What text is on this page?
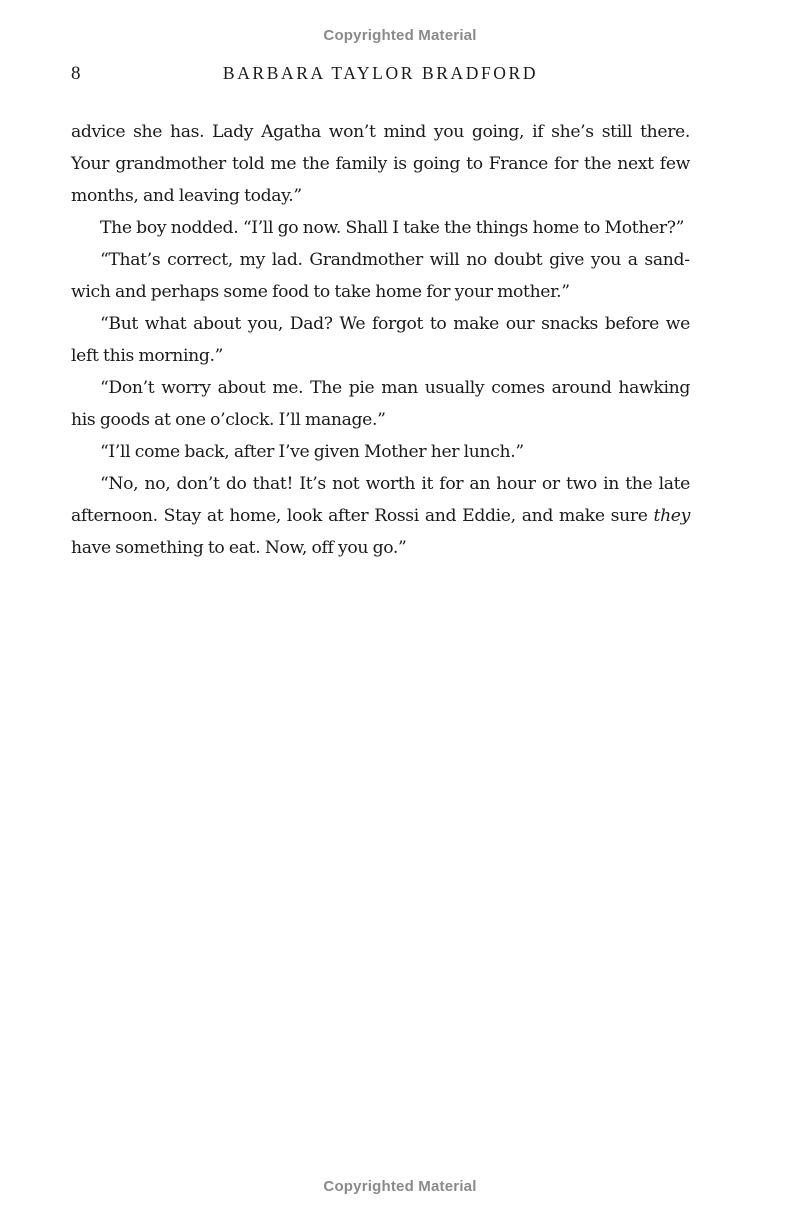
Copyrighted Material
8	BARBARA TAYLOR BRADFORD

advice she has. Lady Agatha won’t mind you going, if she’s still there. Your grandmother told me the family is going to France for the next few months, and leaving today.”

The boy nodded. “I’ll go now. Shall I take the things home to Mother?”

“That’s correct, my lad. Grandmother will no doubt give you a sandwich and perhaps some food to take home for your mother.”

“But what about you, Dad? We forgot to make our snacks before we left this morning.”

“Don’t worry about me. The pie man usually comes around hawking his goods at one o’clock. I’ll manage.”

“I’ll come back, after I’ve given Mother her lunch.”

“No, no, don’t do that! It’s not worth it for an hour or two in the late afternoon. Stay at home, look after Rossi and Eddie, and make sure they have something to eat. Now, off you go.”

Copyrighted Material
